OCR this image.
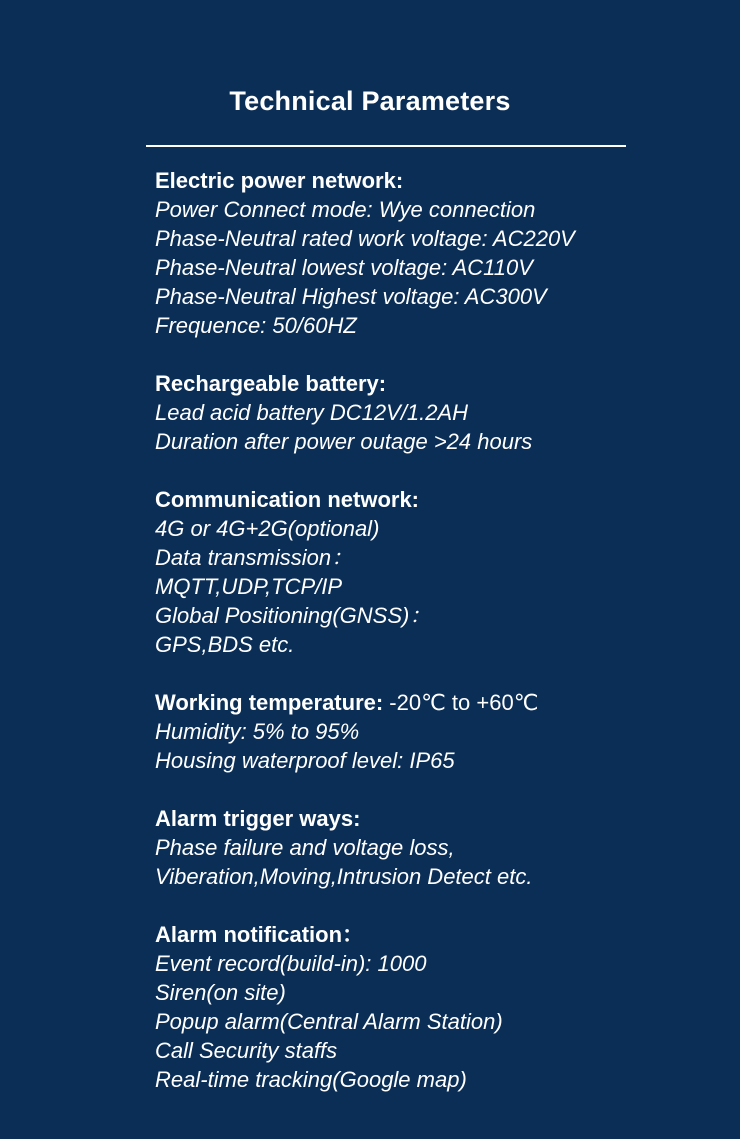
Technical Parameters
Electric power network:
Power Connect mode: Wye connection
Phase-Neutral rated work voltage: AC220V
Phase-Neutral lowest voltage: AC110V
Phase-Neutral Highest voltage: AC300V
Frequence: 50/60HZ
Rechargeable battery:
Lead acid battery DC12V/1.2AH
Duration after power outage >24 hours
Communication network:
4G or 4G+2G(optional)
Data transmission：
MQTT,UDP,TCP/IP
Global Positioning(GNSS)：
GPS,BDS etc.
Working temperature: -20℃ to +60℃
Humidity: 5% to 95%
Housing waterproof level: IP65
Alarm trigger ways:
Phase failure and voltage loss,
Viberation,Moving,Intrusion Detect etc.
Alarm notification：
Event record(build-in): 1000
Siren(on site)
Popup alarm(Central Alarm Station)
Call Security staffs
Real-time tracking(Google map)
